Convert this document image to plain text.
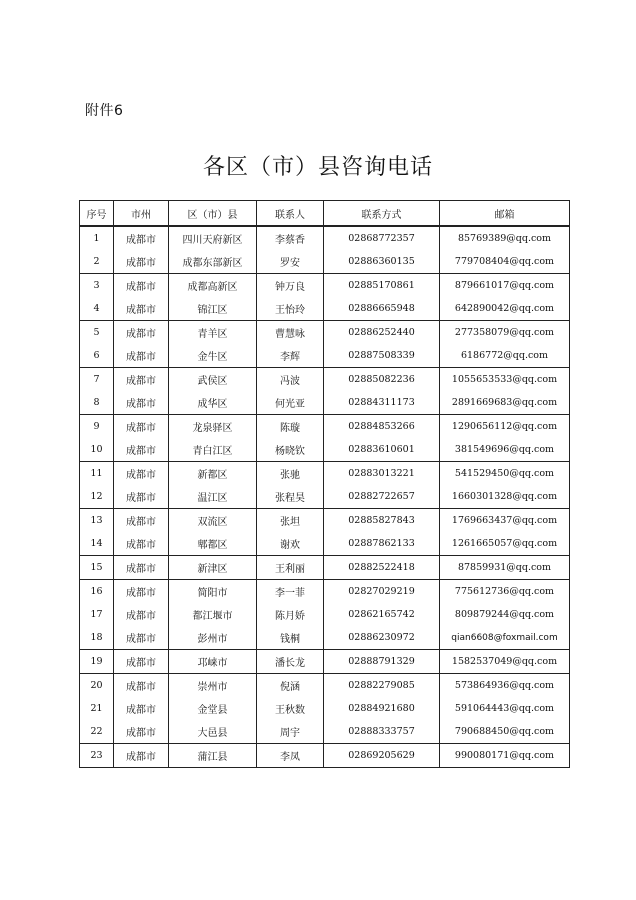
附件6
各区（市）县咨询电话
序号	市州	区（市）县	联系人	联系方式	邮箱
1	成都市	四川天府新区	李蔡香	02868772357	85769389@qq.com
2	成都市	成都东部新区	罗安	02886360135	779708404@qq.com
3	成都市	成都高新区	钟万良	02885170861	879661017@qq.com
4	成都市	锦江区	王怡玲	02886665948	642890042@qq.com
5	成都市	青羊区	曹慧咏	02886252440	277358079@qq.com
6	成都市	金牛区	李辉	02887508339	6186772@qq.com
7	成都市	武侯区	冯波	02885082236	1055653533@qq.com
8	成都市	成华区	何光亚	02884311173	2891669683@qq.com
9	成都市	龙泉驿区	陈璇	02884853266	1290656112@qq.com
10	成都市	青白江区	杨晓钦	02883610601	381549696@qq.com
11	成都市	新都区	张驰	02883013221	541529450@qq.com
12	成都市	温江区	张程昊	02882722657	1660301328@qq.com
13	成都市	双流区	张坦	02885827843	1769663437@qq.com
14	成都市	郫都区	谢欢	02887862133	1261665057@qq.com
15	成都市	新津区	王利丽	02882522418	87859931@qq.com
16	成都市	简阳市	李一菲	02827029219	775612736@qq.com
17	成都市	都江堰市	陈月娇	02862165742	809879244@qq.com
18	成都市	彭州市	钱桐	02886230972	qian6608@foxmail.com
19	成都市	邛崃市	潘长龙	02888791329	1582537049@qq.com
20	成都市	崇州市	倪涵	02882279085	573864936@qq.com
21	成都市	金堂县	王秋数	02884921680	591064443@qq.com
22	成都市	大邑县	周宇	02888333757	790688450@qq.com
23	成都市	蒲江县	李凤	02869205629	990080171@qq.com
